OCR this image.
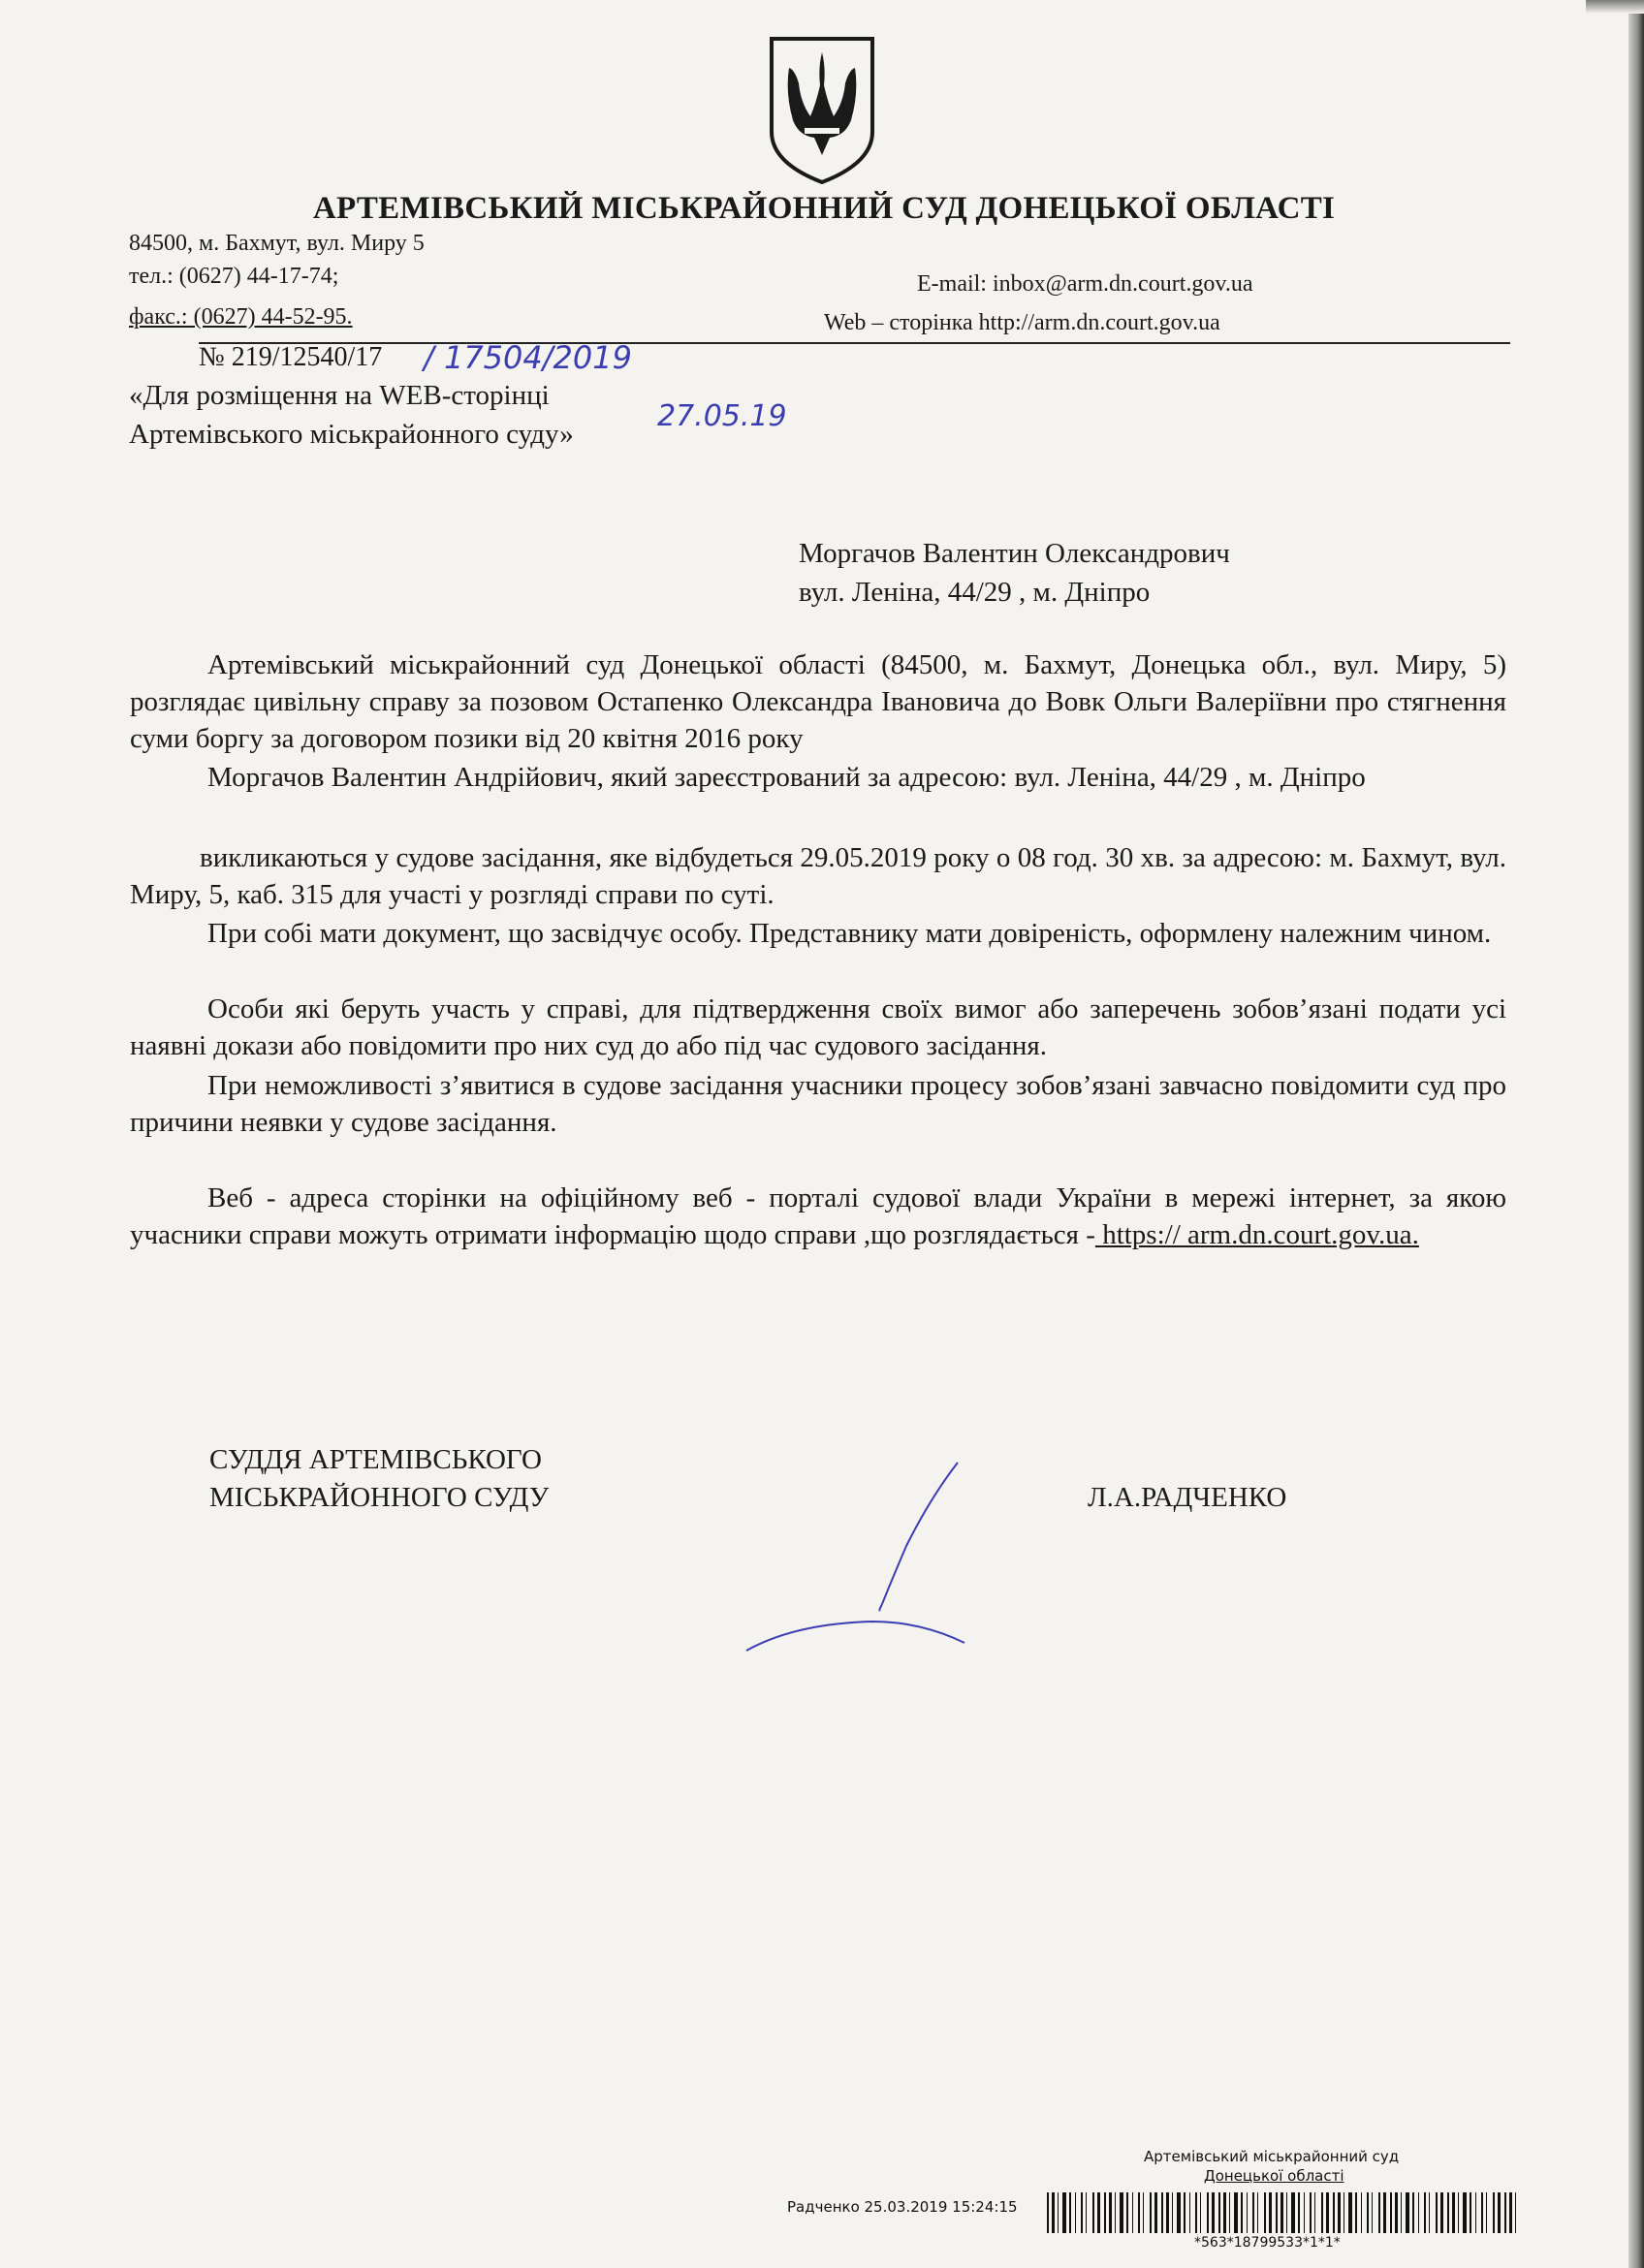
АРТЕМІВСЬКИЙ МІСЬКРАЙОННИЙ СУД ДОНЕЦЬКОЇ ОБЛАСТІ
84500, м. Бахмут, вул. Миру 5
тел.: (0627) 44-17-74;
факс.: (0627) 44-52-95.
E-mail: inbox@arm.dn.court.gov.ua
Web – сторінка http://arm.dn.court.gov.ua
№ 219/12540/17 / 17504/2019
27.05.19
«Для розміщення на WEB-сторінці
Артемівського міськрайонного суду»
Моргачов Валентин Олександрович
вул. Леніна, 44/29 , м. Дніпро
Артемівський міськрайонний суд Донецької області (84500, м. Бахмут, Донецька обл., вул. Миру, 5) розглядає цивільну справу за позовом Остапенко Олександра Івановича до Вовк Ольги Валеріївни про стягнення суми боргу за договором позики від 20 квітня 2016 року
Моргачов Валентин Андрійович, який зареєстрований за адресою: вул. Леніна, 44/29 , м. Дніпро
викликаються у судове засідання, яке відбудеться 29.05.2019 року о 08 год. 30 хв. за адресою: м. Бахмут, вул. Миру, 5, каб. 315 для участі у розгляді справи по суті.
При собі мати документ, що засвідчує особу. Представнику мати довіреність, оформлену належним чином.
Особи які беруть участь у справі, для підтвердження своїх вимог або заперечень зобов’язані подати усі наявні докази або повідомити про них суд до або під час судового засідання.
При неможливості з’явитися в судове засідання учасники процесу зобов’язані завчасно повідомити суд про причини неявки у судове засідання.
Веб - адреса сторінки на офіційному веб - порталі судової влади України в мережі інтернет, за якою учасники справи можуть отримати інформацію щодо справи ,що розглядається - https:// arm.dn.court.gov.ua.
СУДДЯ АРТЕМІВСЬКОГО
МІСЬКРАЙОННОГО СУДУ	Л.А.РАДЧЕНКО
Артемівський міськрайонний суд
Донецької області
Радченко 25.03.2019 15:24:15
*563*18799533*1*1*
